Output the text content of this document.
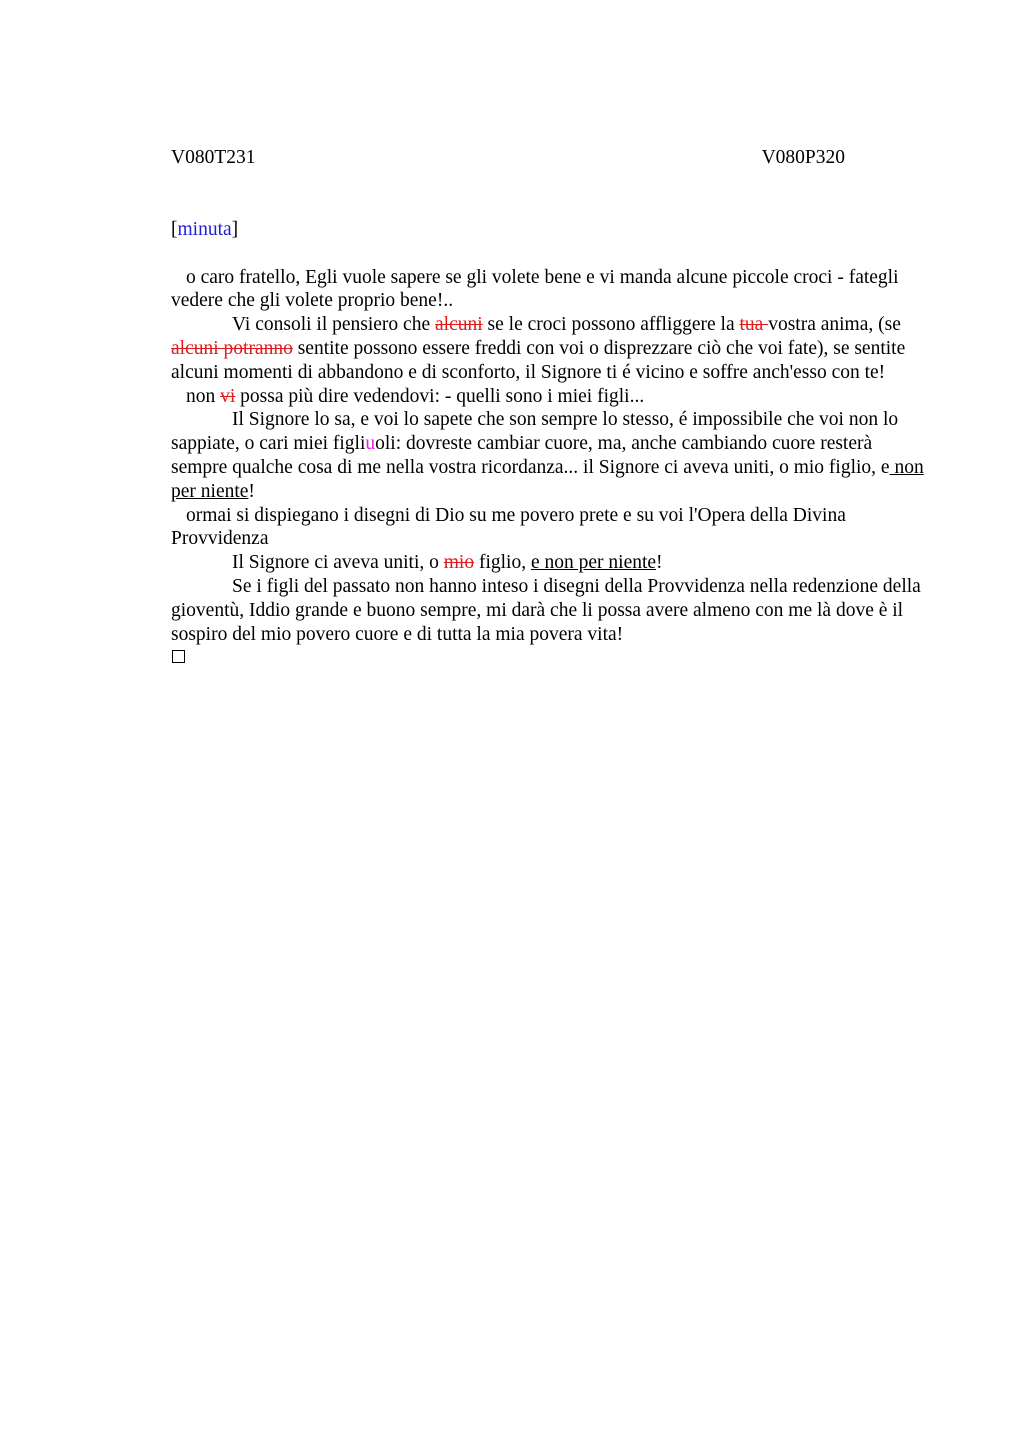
V080T231	V080P320
[minuta]

o caro fratello, Egli vuole sapere se gli volete bene e vi manda alcune piccole croci - fategli vedere che gli volete proprio bene!..

Vi consoli il pensiero che alcuni se le croci possono affliggere la tua vostra anima, (se alcuni potranno sentite possono essere freddi con voi o disprezzare ciò che voi fate), se sentite alcuni momenti di abbandono e di sconforto, il Signore ti é vicino e soffre anch'esso con te!

non vi possa più dire vedendovi: - quelli sono i miei figli...

Il Signore lo sa, e voi lo sapete che son sempre lo stesso, é impossibile che voi non lo sappiate, o cari miei figliuoli: dovreste cambiar cuore, ma, anche cambiando cuore resterà sempre qualche cosa di me nella vostra ricordanza... il Signore ci aveva uniti, o mio figlio, e non per niente!

ormai si dispiegano i disegni di Dio su me povero prete e su voi l'Opera della Divina Provvidenza

Il Signore ci aveva uniti, o mio figlio, e non per niente!

Se i figli del passato non hanno inteso i disegni della Provvidenza nella redenzione della gioventù, Iddio grande e buono sempre, mi darà che li possa avere almeno con me là dove è il sospiro del mio povero cuore e di tutta la mia povera vita!
